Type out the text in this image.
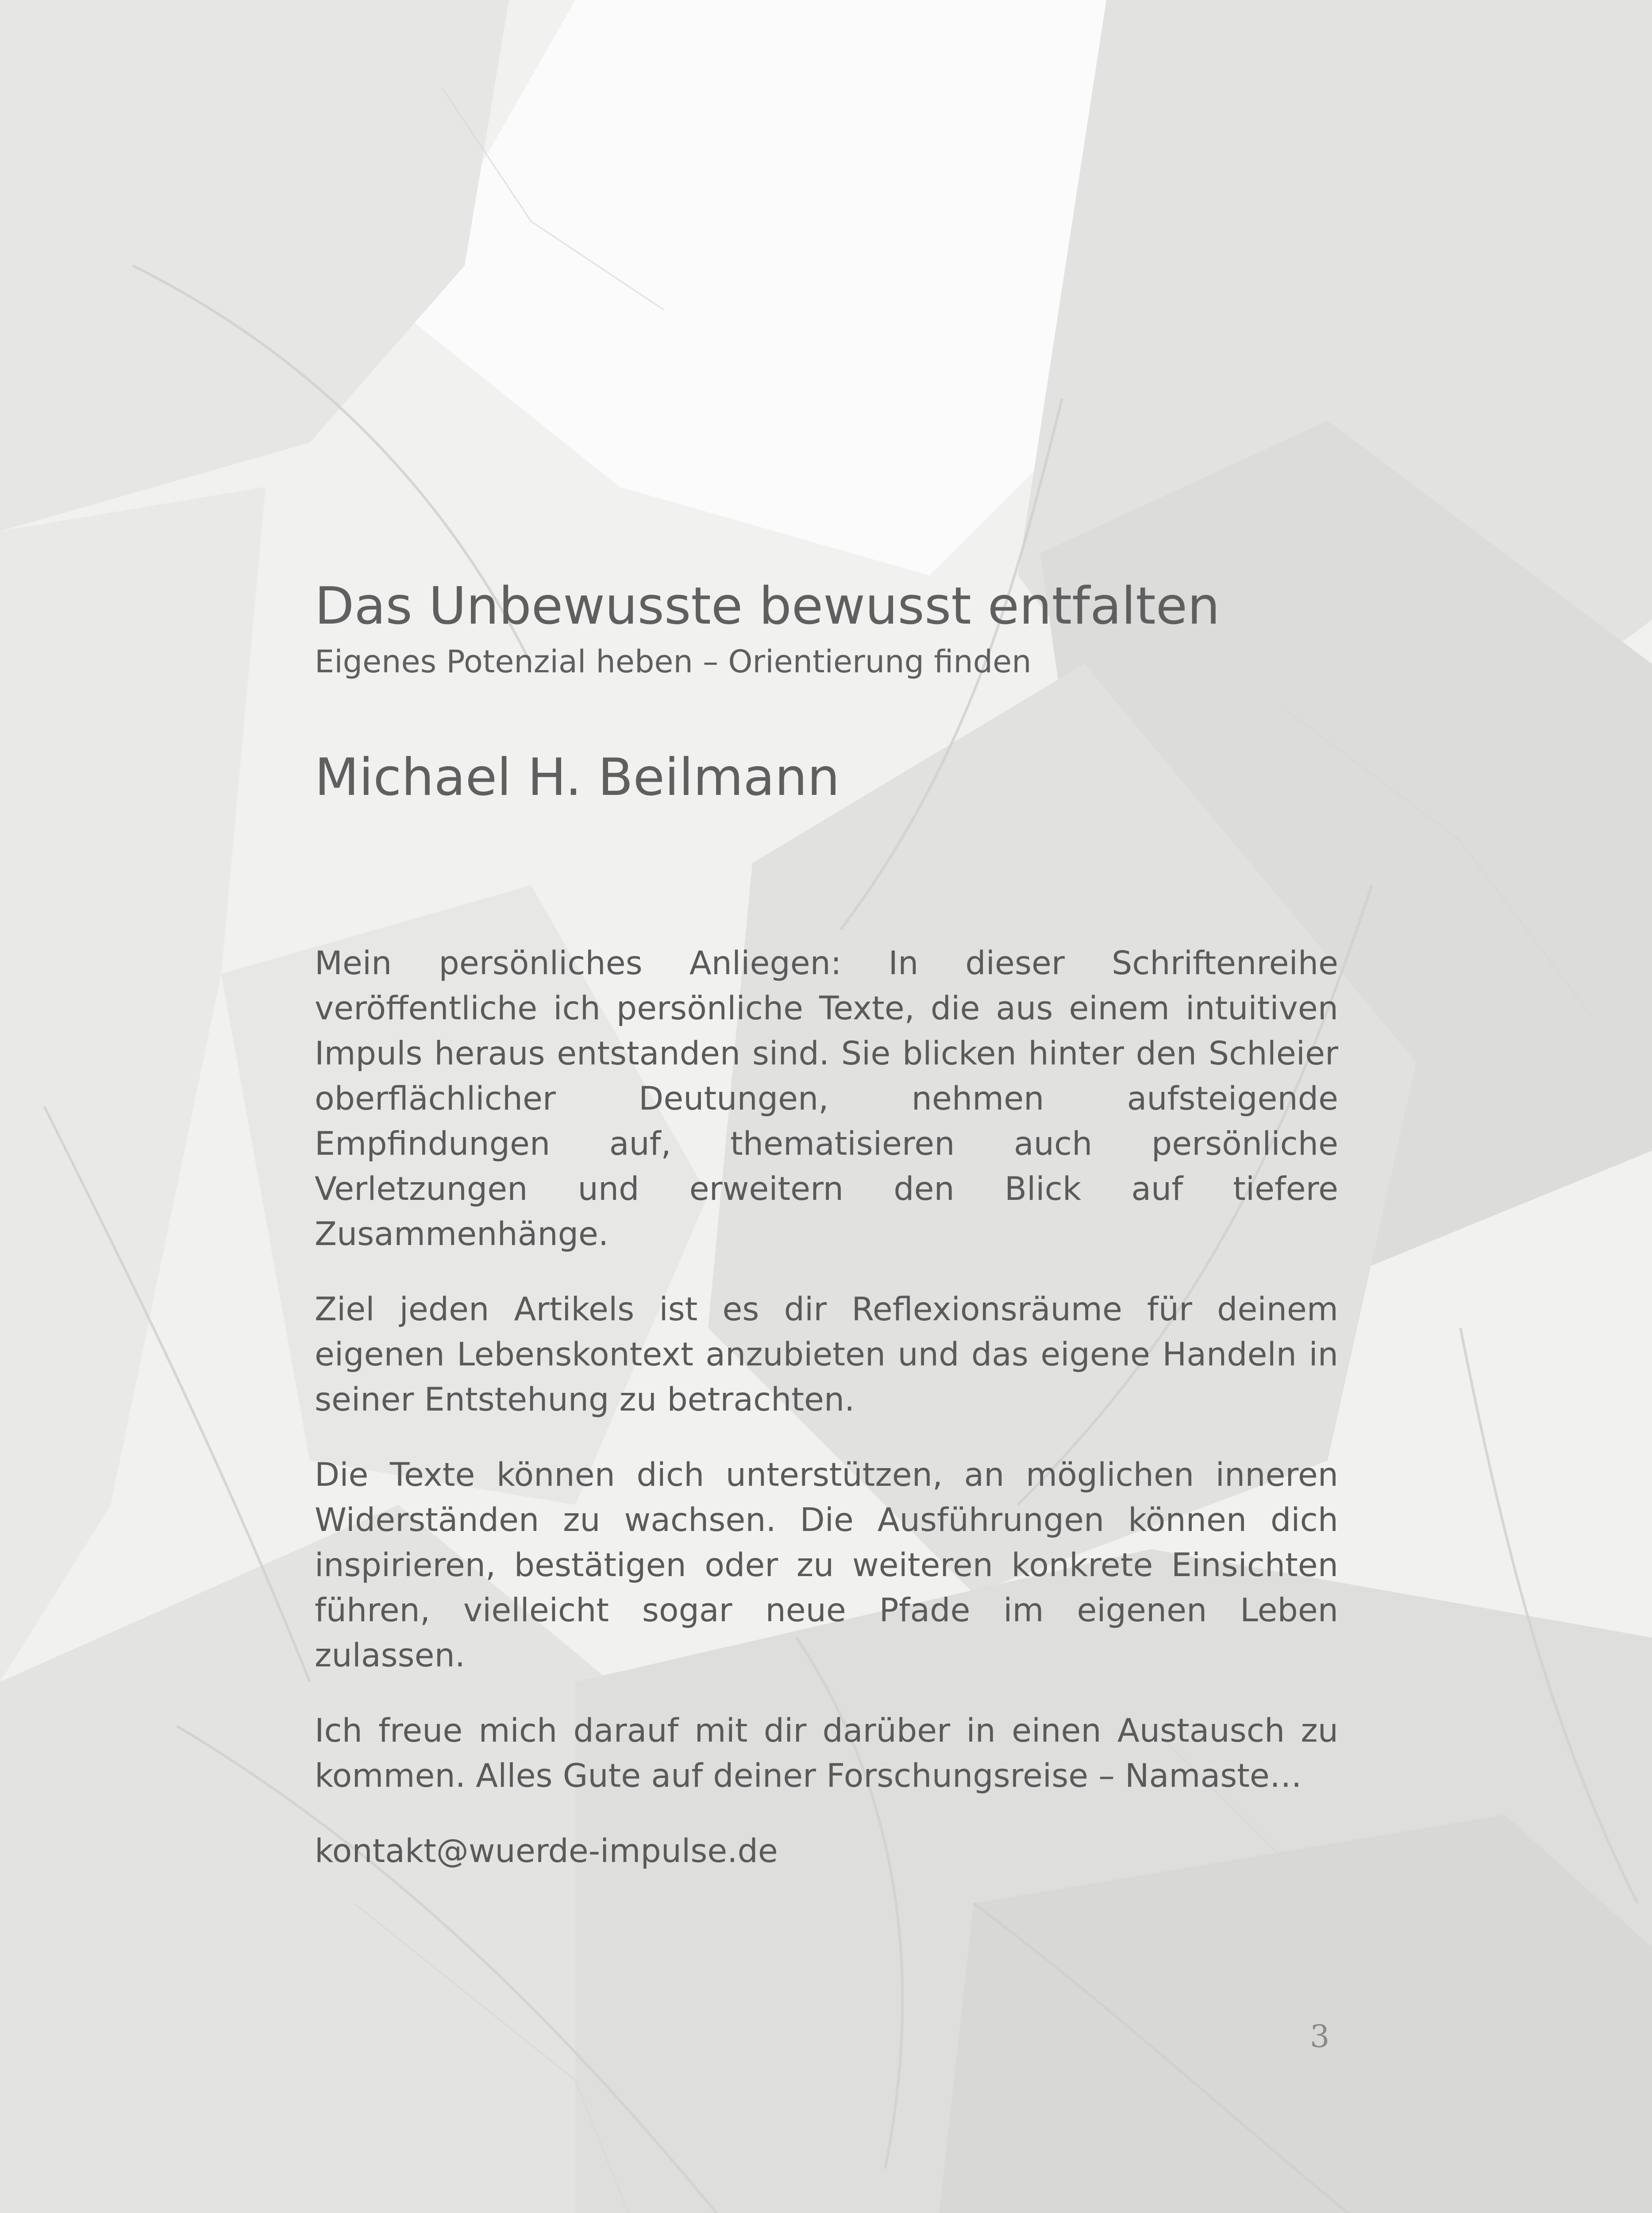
Das Unbewusste bewusst entfalten

Eigenes Potenzial heben – Orientierung finden

Michael H. Beilmann

Mein persönliches Anliegen: In dieser Schriftenreihe veröffentliche ich persönliche Texte, die aus einem intuitiven Impuls heraus entstanden sind. Sie blicken hinter den Schleier oberflächlicher Deutungen, nehmen aufsteigende Empfindungen auf, thematisieren auch persönliche Verletzungen und erweitern den Blick auf tiefere Zusammenhänge.

Ziel jeden Artikels ist es dir Reflexionsräume für deinem eigenen Lebenskontext anzubieten und das eigene Handeln in seiner Entstehung zu betrachten.

Die Texte können dich unterstützen, an möglichen inneren Widerständen zu wachsen. Die Ausführungen können dich inspirieren, bestätigen oder zu weiteren konkrete Einsichten führen, vielleicht sogar neue Pfade im eigenen Leben zulassen.

Ich freue mich darauf mit dir darüber in einen Austausch zu kommen. Alles Gute auf deiner Forschungsreise – Namaste…

kontakt@wuerde-impulse.de

3
